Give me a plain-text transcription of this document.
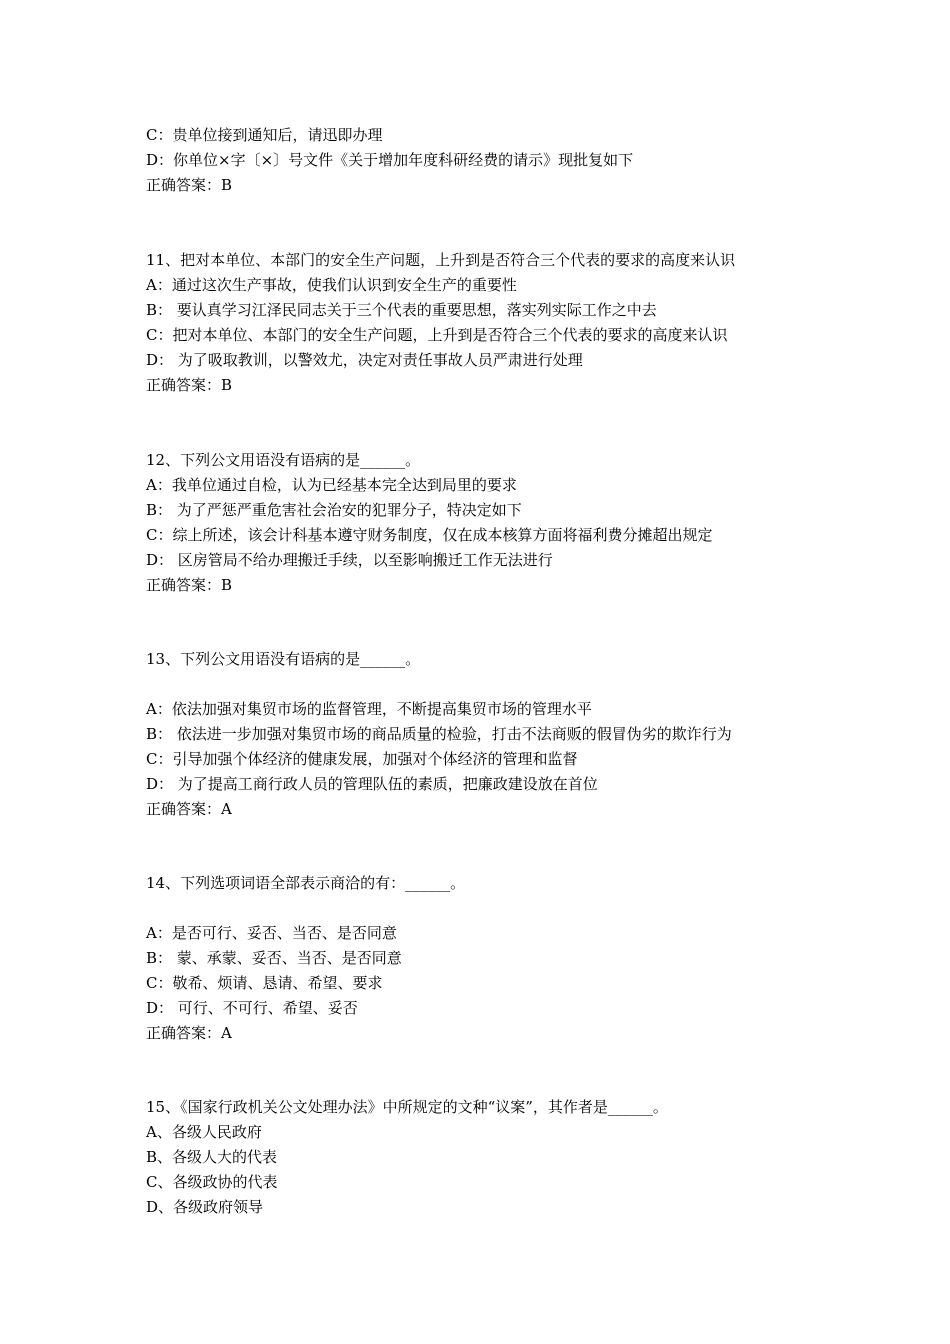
C：贵单位接到通知后，请迅即办理
D：你单位×字〔×〕号文件《关于增加年度科研经费的请示》现批复如下
正确答案：B
11、把对本单位、本部门的安全生产问题，上升到是否符合三个代表的要求的高度来认识
A：通过这次生产事故，使我们认识到安全生产的重要性
B： 要认真学习江泽民同志关于三个代表的重要思想，落实列实际工作之中去
C：把对本单位、本部门的安全生产问题，上升到是否符合三个代表的要求的高度来认识
D： 为了吸取教训，以警效尤，决定对责任事故人员严肃进行处理
正确答案：B
12、下列公文用语没有语病的是______。
A：我单位通过自检，认为已经基本完全达到局里的要求
B： 为了严惩严重危害社会治安的犯罪分子，特决定如下
C：综上所述，该会计科基本遵守财务制度，仅在成本核算方面将福利费分摊超出规定
D： 区房管局不给办理搬迁手续，以至影响搬迁工作无法进行
正确答案：B
13、下列公文用语没有语病的是______。
A：依法加强对集贸市场的监督管理，不断提高集贸市场的管理水平
B： 依法进一步加强对集贸市场的商品质量的检验，打击不法商贩的假冒伪劣的欺诈行为
C：引导加强个体经济的健康发展，加强对个体经济的管理和监督
D： 为了提高工商行政人员的管理队伍的素质，把廉政建设放在首位
正确答案：A
14、下列选项词语全部表示商洽的有：______。
A：是否可行、妥否、当否、是否同意
B： 蒙、承蒙、妥否、当否、是否同意
C：敬希、烦请、恳请、希望、要求
D： 可行、不可行、希望、妥否
正确答案：A
15、《国家行政机关公文处理办法》中所规定的文种“议案”，其作者是______。
A、各级人民政府
B、各级人大的代表
C、各级政协的代表
D、各级政府领导
